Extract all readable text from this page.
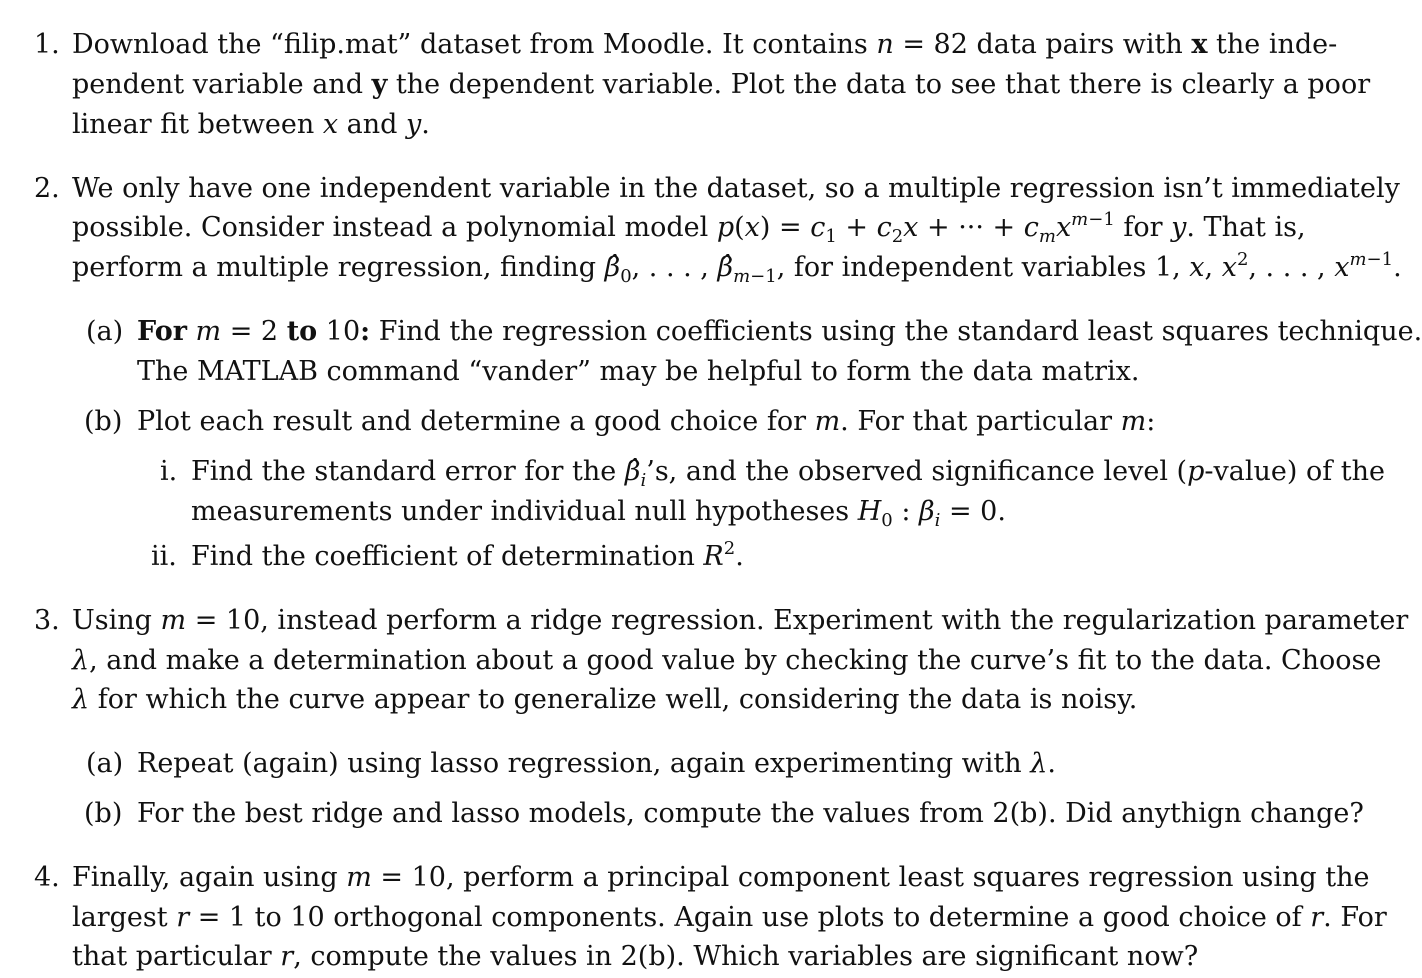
1. Download the “filip.mat” dataset from Moodle. It contains n = 82 data pairs with x the inde-
pendent variable and y the dependent variable. Plot the data to see that there is clearly a poor
linear fit between x and y.
2. We only have one independent variable in the dataset, so a multiple regression isn’t immediately
possible. Consider instead a polynomial model $p(x) = c_1 + c_2x$ + ··· + $c_mx^{m-1}$ for y. That is,
perform a multiple regression, finding $\betâ_0$, . . . , $\betâ_{m-1}$, for independent variables 1, x, $x^2$, . . . , $x^{m-1}$.
(a) For m = 2 to 10: Find the regression coefficients using the standard least squares technique.
The MATLAB command “vander” may be helpful to form the data matrix.
(b) Plot each result and determine a good choice for m. For that particular m:
i. Find the standard error for the $\betâ_i’s$, and the observed significance level (p-value) of the
measurements under individual null hypotheses $H_0$ : $\beta_i = 0$.
ii. Find the coefficient of determination $R^2$.
3. Using m = 10, instead perform a ridge regression. Experiment with the regularization parameter
λ, and make a determination about a good value by checking the curve’s fit to the data. Choose
λ for which the curve appear to generalize well, considering the data is noisy.
(a) Repeat (again) using lasso regression, again experimenting with λ.
(b) For the best ridge and lasso models, compute the values from 2(b). Did anythign change?
4. Finally, again using m = 10, perform a principal component least squares regression using the
largest r = 1 to 10 orthogonal components. Again use plots to determine a good choice of r. For
that particular r, compute the values in 2(b). Which variables are significant now?
